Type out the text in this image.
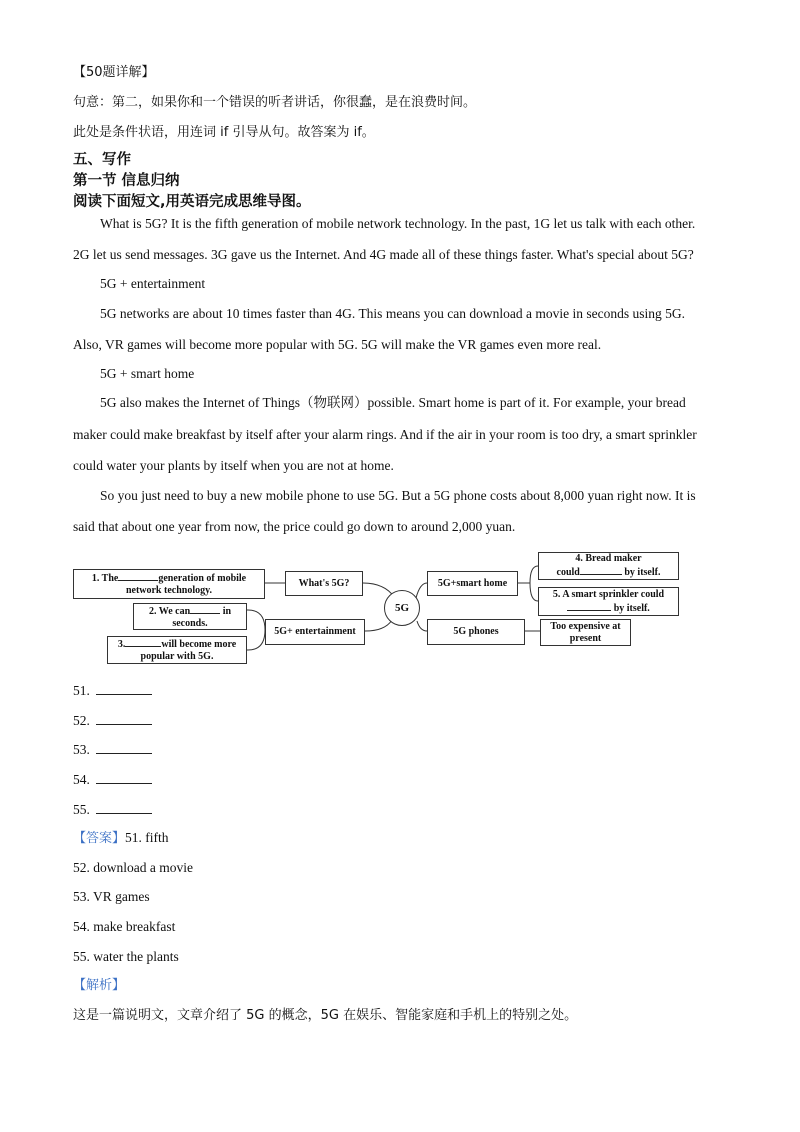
【50题详解】
句意：第二，如果你和一个错误的听者讲话，你很蠢，是在浪费时间。
此处是条件状语，用连词 if 引导从句。故答案为 if。
五、写作
第一节 信息归纳
阅读下面短文,用英语完成思维导图。
What is 5G? It is the fifth generation of mobile network technology. In the past, 1G let us talk with each other.
2G let us send messages. 3G gave us the Internet. And 4G made all of these things faster. What's special about 5G?
5G + entertainment
5G networks are about 10 times faster than 4G. This means you can download a movie in seconds using 5G.
Also, VR games will become more popular with 5G. 5G will make the VR games even more real.
5G + smart home
5G also makes the Internet of Things（物联网）possible. Smart home is part of it. For example, your bread
maker could make breakfast by itself after your alarm rings. And if the air in your room is too dry, a smart sprinkler
could water your plants by itself when you are not at home.
So you just need to buy a new mobile phone to use 5G. But a 5G phone costs about 8,000 yuan right now. It is
said that about one year from now, the price could go down to around 2,000 yuan.
1. The	generation of mobile
network technology.
2. We can	in
seconds.
3.	will become more
popular with 5G.
What's 5G?
5G+ entertainment
5G
5G+smart home
5G phones
4. Bread maker
could	by itself.
5. A smart sprinkler could
by itself.
Too expensive at
present
51.
52.
53.
54.
55.
【答案】51. fifth
52. download a movie
53. VR games
54. make breakfast
55. water the plants
【解析】
这是一篇说明文，文章介绍了 5G 的概念，5G 在娱乐、智能家庭和手机上的特别之处。
